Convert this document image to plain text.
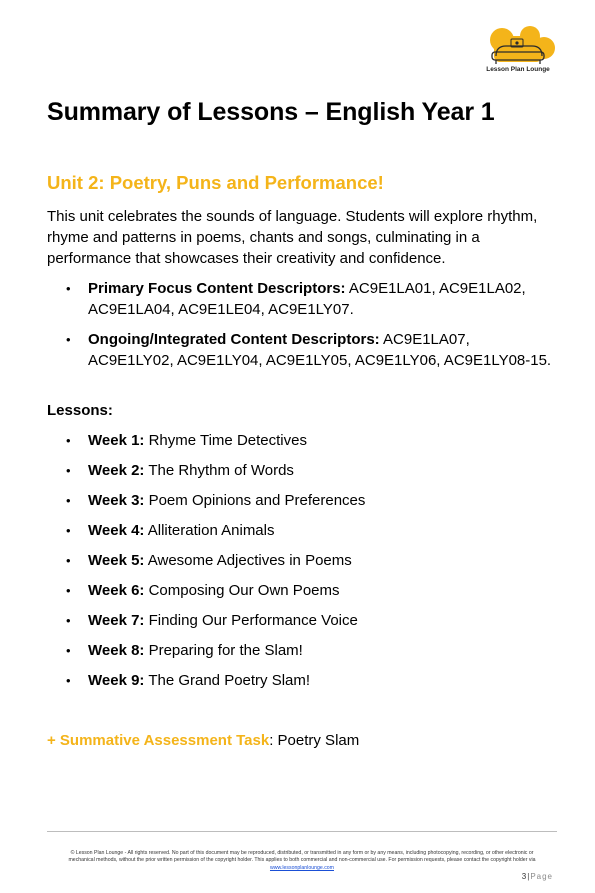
Lesson Plan Lounge
Summary of Lessons – English Year 1
Unit 2: Poetry, Puns and Performance!

This unit celebrates the sounds of language. Students will explore rhythm, rhyme and patterns in poems, chants and songs, culminating in a performance that showcases their creativity and confidence.

• Primary Focus Content Descriptors: AC9E1LA01, AC9E1LA02, AC9E1LA04, AC9E1LE04, AC9E1LY07.
• Ongoing/Integrated Content Descriptors: AC9E1LA07, AC9E1LY02, AC9E1LY04, AC9E1LY05, AC9E1LY06, AC9E1LY08-15.

Lessons:

• Week 1: Rhyme Time Detectives
• Week 2: The Rhythm of Words
• Week 3: Poem Opinions and Preferences
• Week 4: Alliteration Animals
• Week 5: Awesome Adjectives in Poems
• Week 6: Composing Our Own Poems
• Week 7: Finding Our Performance Voice
• Week 8: Preparing for the Slam!
• Week 9: The Grand Poetry Slam!

+ Summative Assessment Task: Poetry Slam

© Lesson Plan Lounge - All rights reserved. No part of this document may be reproduced, distributed, or transmitted in any form or by any means, including photocopying, recording, or other electronic or mechanical methods, without the prior written permission of the copyright holder. This applies to both commercial and non-commercial use. For permission requests, please contact the copyright holder via

www.lessonplanlounge.com
3|Page
